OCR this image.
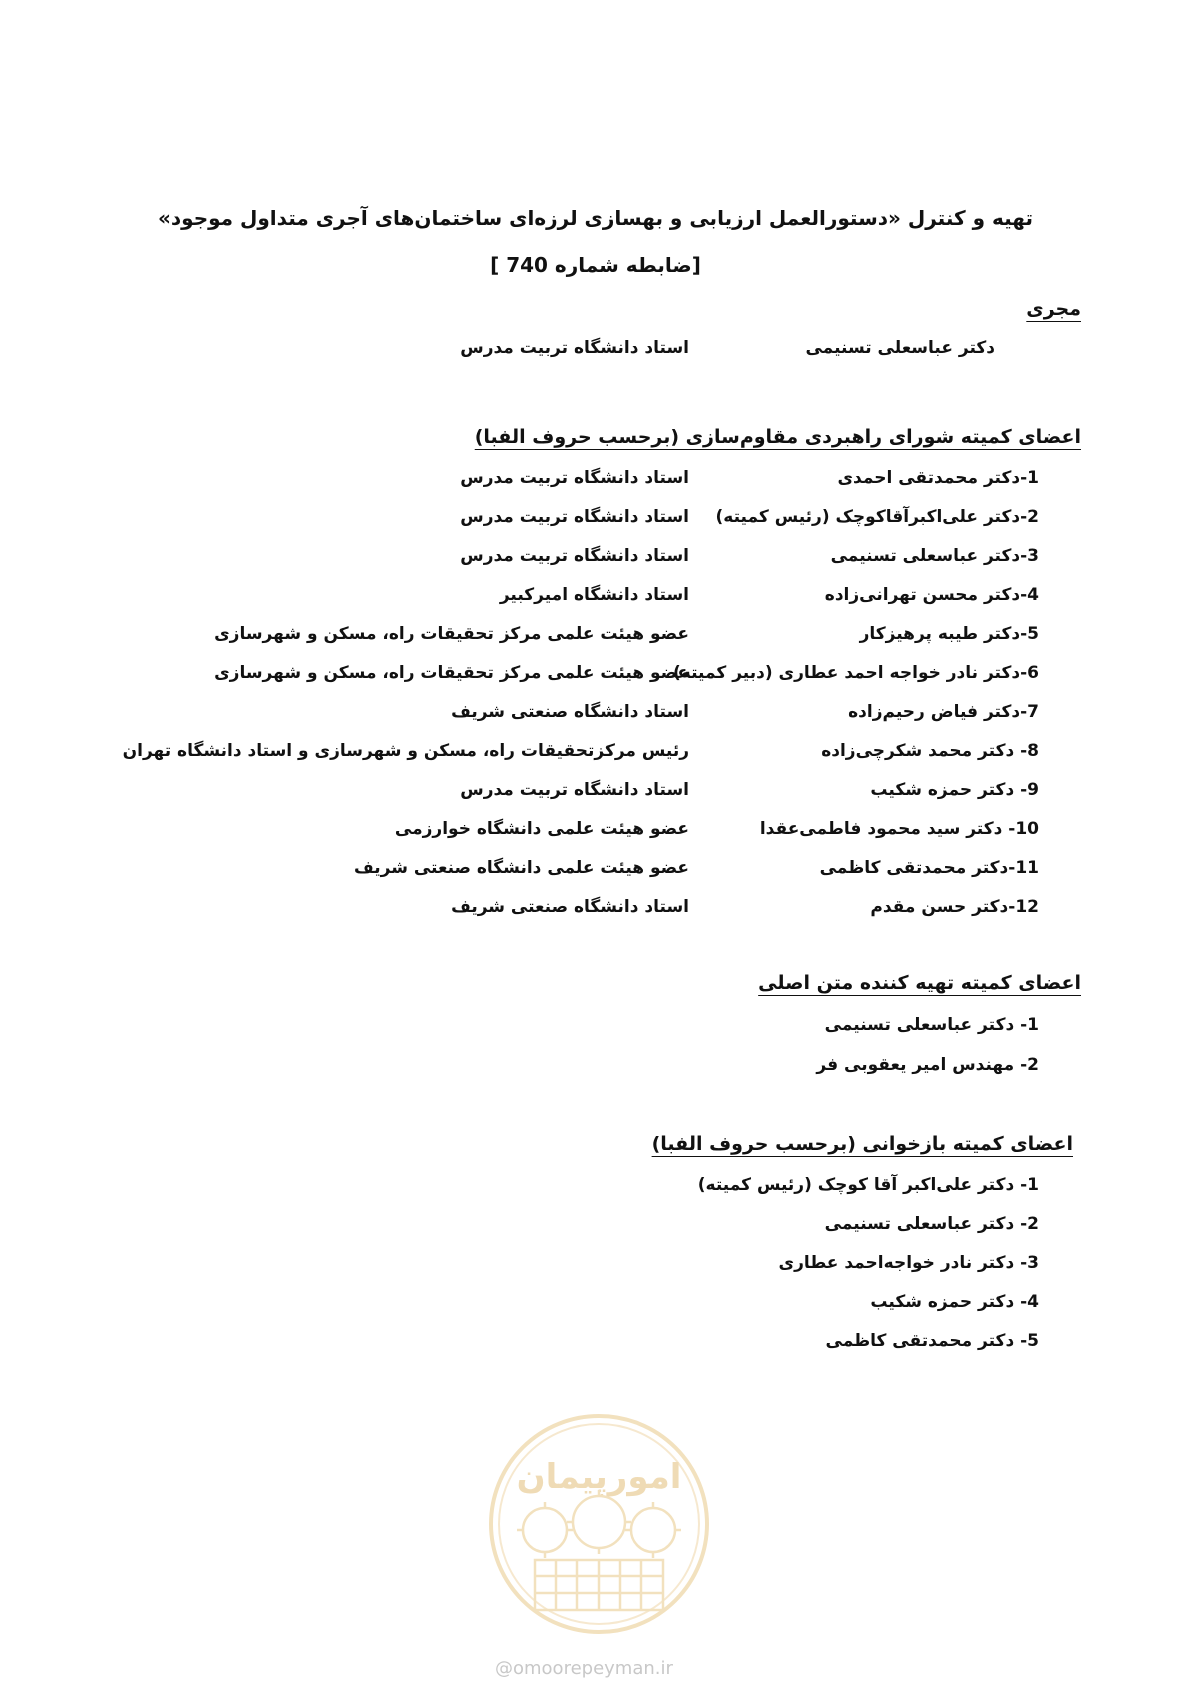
تهیه و کنترل «دستورالعمل ارزیابی و بهسازی لرزه‌ای ساختمان‌های آجری متداول موجود»
[ضابطه شماره 740 ]
مجری
دکتر عباسعلی تسنیمی
استاد دانشگاه تربیت مدرس
اعضای کمیته شورای راهبردی مقاوم‌سازی (برحسب حروف الفبا)
1-دکتر محمدتقی احمدی
استاد دانشگاه تربیت مدرس
2-دکتر علی‌اکبرآقاکوچک (رئیس کمیته)
استاد دانشگاه تربیت مدرس
3-دکتر عباسعلی تسنیمی
استاد دانشگاه تربیت مدرس
4-دکتر محسن تهرانی‌زاده
استاد دانشگاه امیرکبیر
5-دکتر طیبه پرهیزکار
عضو هیئت علمی مرکز تحقیقات راه، مسکن و شهرسازی
6-دکتر نادر خواجه احمد عطاری (دبیر کمیته)
عضو هیئت علمی مرکز تحقیقات راه، مسکن و شهرسازی
7-دکتر فیاض رحیم‌زاده
استاد دانشگاه صنعتی شریف
8- دکتر محمد شکرچی‌زاده
رئیس مرکزتحقیقات راه، مسکن و شهرسازی و استاد دانشگاه تهران
9- دکتر حمزه شکیب
استاد دانشگاه تربیت مدرس
10- دکتر سید محمود فاطمی‌عقدا
عضو هیئت علمی دانشگاه خوارزمی
11-دکتر محمدتقی کاظمی
عضو هیئت علمی دانشگاه صنعتی شریف
12-دکتر حسن مقدم
استاد دانشگاه صنعتی شریف
اعضای کمیته تهیه کننده متن اصلی
1- دکتر عباسعلی تسنیمی
2- مهندس امیر یعقوبی فر
اعضای کمیته بازخوانی (برحسب حروف الفبا)
1- دکتر علی‌اکبر آقا کوچک (رئیس کمیته)
2- دکتر عباسعلی تسنیمی
3- دکتر نادر خواجه‌احمد عطاری
4- دکتر حمزه شکیب
5- دکتر محمدتقی کاظمی
امورپیمان
@omoorepeyman.ir
